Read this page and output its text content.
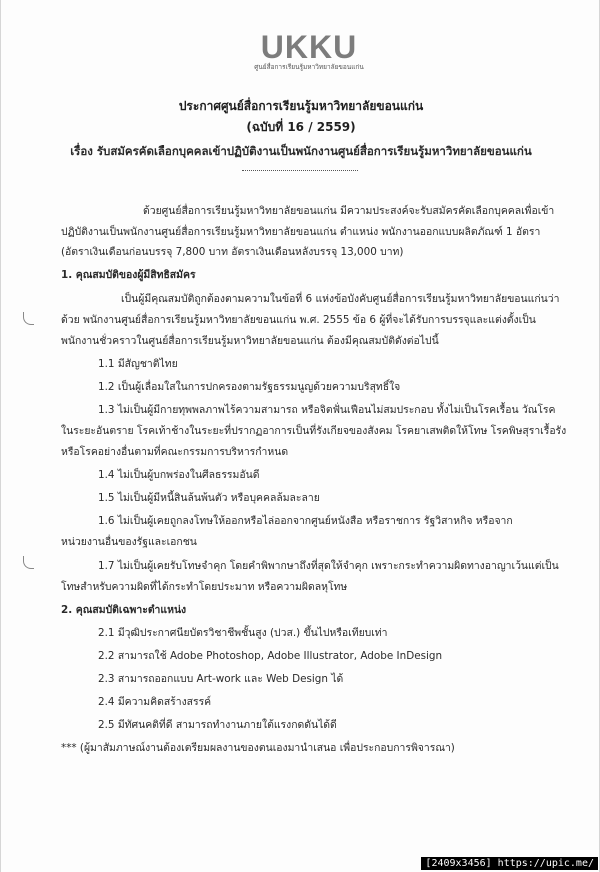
UKKU
ศูนย์สื่อการเรียนรู้มหาวิทยาลัยขอนแก่น
ประกาศศูนย์สื่อการเรียนรู้มหาวิทยาลัยขอนแก่น
(ฉบับที่ 16 / 2559)
เรื่อง รับสมัครคัดเลือกบุคคลเข้าปฏิบัติงานเป็นพนักงานศูนย์สื่อการเรียนรู้มหาวิทยาลัยขอนแก่น
ด้วยศูนย์สื่อการเรียนรู้มหาวิทยาลัยขอนแก่น มีความประสงค์จะรับสมัครคัดเลือกบุคคลเพื่อเข้า
ปฏิบัติงานเป็นพนักงานศูนย์สื่อการเรียนรู้มหาวิทยาลัยขอนแก่น ตำแหน่ง พนักงานออกแบบผลิตภัณฑ์ 1 อัตรา
(อัตราเงินเดือนก่อนบรรจุ 7,800 บาท อัตราเงินเดือนหลังบรรจุ 13,000 บาท)
1. คุณสมบัติของผู้มีสิทธิสมัคร
เป็นผู้มีคุณสมบัติถูกต้องตามความในข้อที่ 6 แห่งข้อบังคับศูนย์สื่อการเรียนรู้มหาวิทยาลัยขอนแก่นว่า
ด้วย พนักงานศูนย์สื่อการเรียนรู้มหาวิทยาลัยขอนแก่น พ.ศ. 2555 ข้อ 6 ผู้ที่จะได้รับการบรรจุและแต่งตั้งเป็น
พนักงานชั่วคราวในศูนย์สื่อการเรียนรู้มหาวิทยาลัยขอนแก่น ต้องมีคุณสมบัติดังต่อไปนี้
1.1 มีสัญชาติไทย
1.2 เป็นผู้เลื่อมใสในการปกครองตามรัฐธรรมนูญด้วยความบริสุทธิ์ใจ
1.3 ไม่เป็นผู้มีกายทุพพลภาพไร้ความสามารถ หรือจิตฟั่นเฟือนไม่สมประกอบ ทั้งไม่เป็นโรคเรื้อน วัณโรค
ในระยะอันตราย โรคเท้าช้างในระยะที่ปรากฏอาการเป็นที่รังเกียจของสังคม โรคยาเสพติดให้โทษ โรคพิษสุราเรื้อรัง
หรือโรคอย่างอื่นตามที่คณะกรรมการบริหารกำหนด
1.4 ไม่เป็นผู้บกพร่องในศีลธรรมอันดี
1.5 ไม่เป็นผู้มีหนี้สินล้นพ้นตัว หรือบุคคลล้มละลาย
1.6 ไม่เป็นผู้เคยถูกลงโทษให้ออกหรือไล่ออกจากศูนย์หนังสือ หรือราชการ รัฐวิสาหกิจ หรือจาก
หน่วยงานอื่นของรัฐและเอกชน
1.7 ไม่เป็นผู้เคยรับโทษจำคุก โดยคำพิพากษาถึงที่สุดให้จำคุก เพราะกระทำความผิดทางอาญาเว้นแต่เป็น
โทษสำหรับความผิดที่ได้กระทำโดยประมาท หรือความผิดลหุโทษ
2. คุณสมบัติเฉพาะตำแหน่ง
2.1 มีวุฒิประกาศนียบัตรวิชาชีพชั้นสูง (ปวส.) ขึ้นไปหรือเทียบเท่า
2.2 สามารถใช้ Adobe Photoshop, Adobe Illustrator, Adobe InDesign
2.3 สามารถออกแบบ Art-work และ Web Design ได้
2.4 มีความคิดสร้างสรรค์
2.5 มีทัศนคติที่ดี สามารถทำงานภายใต้แรงกดดันได้ดี
*** (ผู้มาสัมภาษณ์งานต้องเตรียมผลงานของตนเองมานำเสนอ เพื่อประกอบการพิจารณา)
[2409x3456] https://upic.me/
